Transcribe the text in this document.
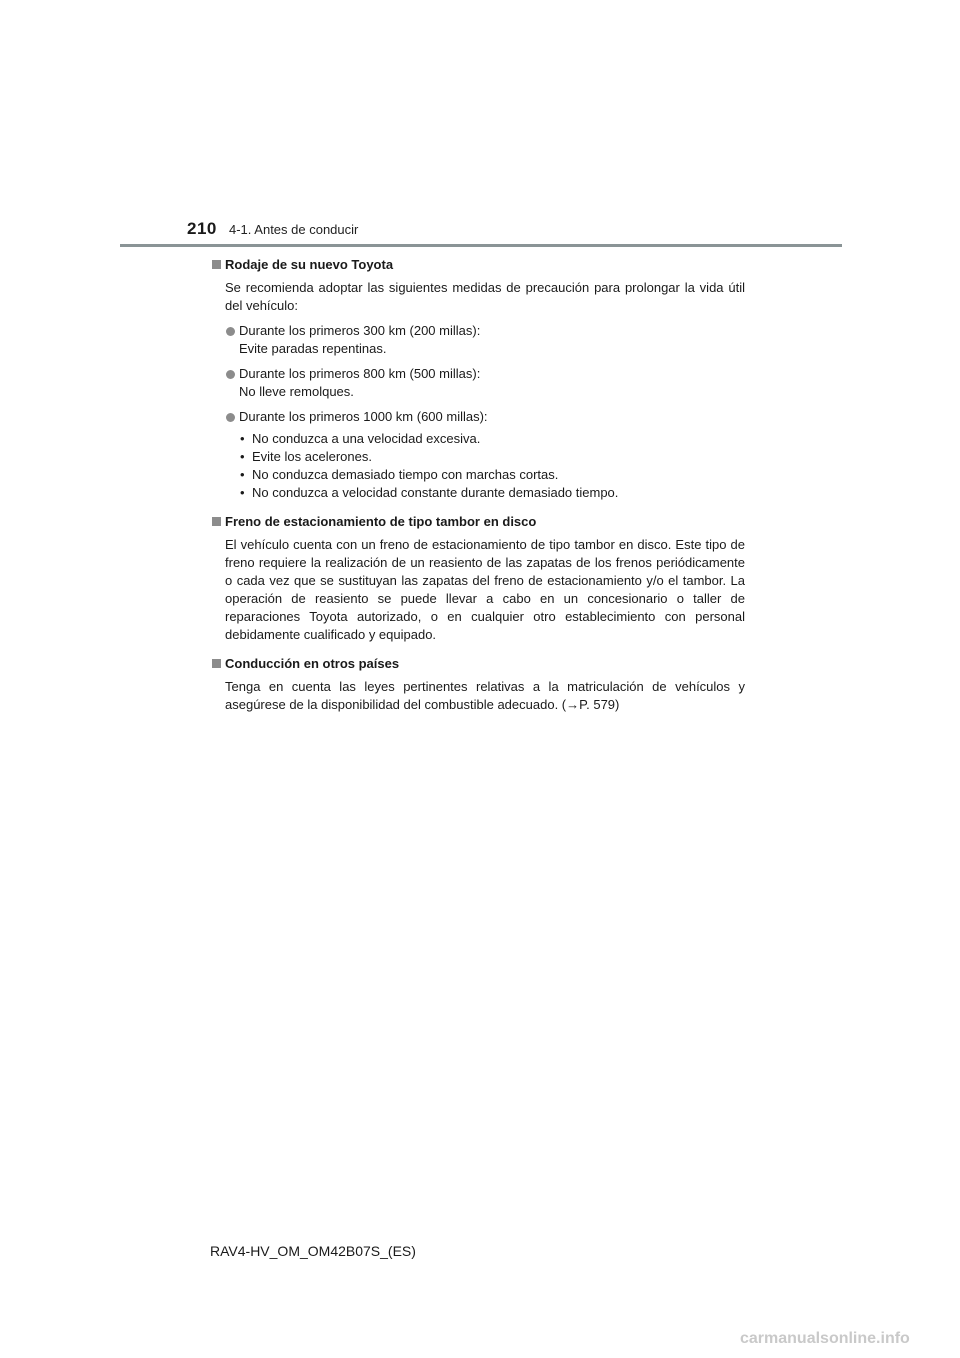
210 4-1. Antes de conducir
Rodaje de su nuevo Toyota

Se recomienda adoptar las siguientes medidas de precaución para prolongar la vida útil del vehículo:

Durante los primeros 300 km (200 millas):
Evite paradas repentinas.
Durante los primeros 800 km (500 millas):
No lleve remolques.
Durante los primeros 1000 km (600 millas):
• No conduzca a una velocidad excesiva.
• Evite los acelerones.
• No conduzca demasiado tiempo con marchas cortas.
• No conduzca a velocidad constante durante demasiado tiempo.
Freno de estacionamiento de tipo tambor en disco

El vehículo cuenta con un freno de estacionamiento de tipo tambor en disco. Este tipo de freno requiere la realización de un reasiento de las zapatas de los frenos periódicamente o cada vez que se sustituyan las zapatas del freno de estacionamiento y/o el tambor. La operación de reasiento se puede llevar a cabo en un concesionario o taller de reparaciones Toyota autorizado, o en cualquier otro establecimiento con personal debidamente cualificado y equipado.

Conducción en otros países

Tenga en cuenta las leyes pertinentes relativas a la matriculación de vehículos y asegúrese de la disponibilidad del combustible adecuado. (→P. 579)

RAV4-HV_OM_OM42B07S_(ES)
carmanualsonline.info
